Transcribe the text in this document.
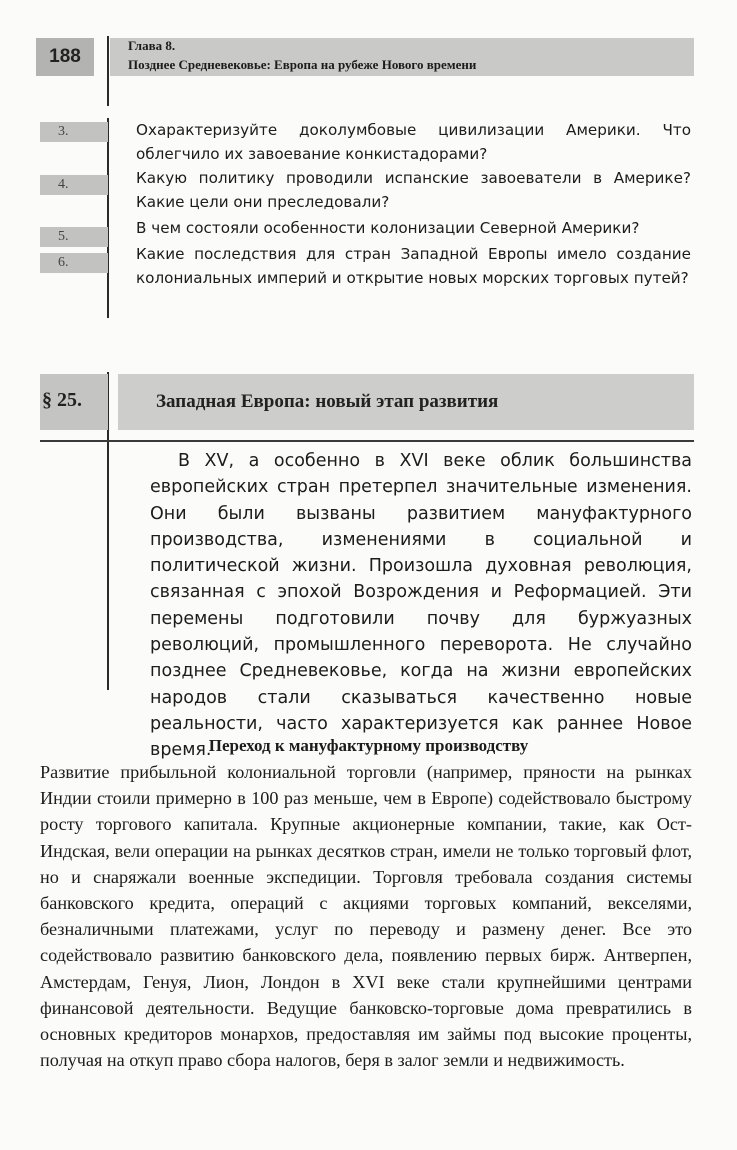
188
Глава 8.
Позднее Средневековье: Европа на рубеже Нового времени
3.	Охарактеризуйте доколумбовые цивилизации Америки. Что облегчило их завоевание конкистадорами?
4.	Какую политику проводили испанские завоеватели в Америке? Какие цели они преследовали?
5.	В чем состояли особенности колонизации Северной Америки?
6.	Какие последствия для стран Западной Европы имело создание колониальных империй и открытие новых морских торговых путей?
§ 25.	Западная Европа: новый этап развития
В XV, а особенно в XVI веке облик большинства европейских стран претерпел значительные изменения. Они были вызваны развитием мануфактурного производства, изменениями в социальной и политической жизни. Произошла духовная революция, связанная с эпохой Возрождения и Реформацией. Эти перемены подготовили почву для буржуазных революций, промышленного переворота. Не случайно позднее Средневековье, когда на жизни европейских народов стали сказываться качественно новые реальности, часто характеризуется как раннее Новое время.
Переход к мануфактурному производству
Развитие прибыльной колониальной торговли (например, пряности на рынках Индии стоили примерно в 100 раз меньше, чем в Европе) содействовало быстрому росту торгового капитала. Крупные акционерные компании, такие, как Ост-Индская, вели операции на рынках десятков стран, имели не только торговый флот, но и снаряжали военные экспедиции. Торговля требовала создания системы банковского кредита, операций с акциями торговых компаний, векселями, безналичными платежами, услуг по переводу и размену денег. Все это содействовало развитию банковского дела, появлению первых бирж. Антверпен, Амстердам, Генуя, Лион, Лондон в XVI веке стали крупнейшими центрами финансовой деятельности. Ведущие банковско-торговые дома превратились в основных кредиторов монархов, предоставляя им займы под высокие проценты, получая на откуп право сбора налогов, беря в залог земли и недвижимость.
